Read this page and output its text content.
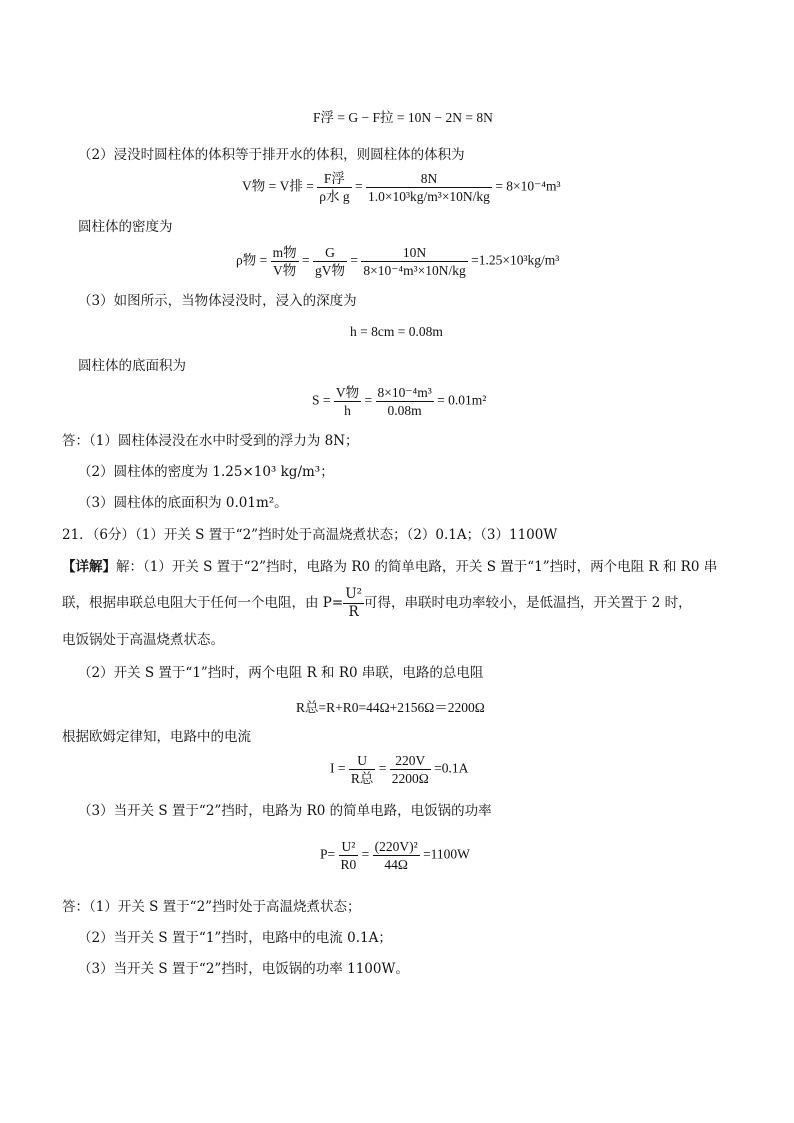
F浮 = G − F拉 = 10N − 2N = 8N
（2）浸没时圆柱体的体积等于排开水的体积，则圆柱体的体积为
V物 = V排 = $\frac{\text{F浮}}{\text{ρ水 g}} = \frac{8N}{\text{1.0×10³kg/m³×10N/kg}} = 8\times 10^{-4}m^3$
圆柱体的密度为
ρ物 = $\frac{\text{m物}}{\text{V物}} = \frac{G}{\text{gV物}} = \frac{10N}{\text{8×10⁻⁴m³×10N/kg}} =1.25\times 10^3kg/m^3$
（3）如图所示，当物体浸没时，浸入的深度为
h = 8cm = 0.08m
圆柱体的底面积为
$S = \frac{\text{V物}}{h} = \frac{\text{8×10⁻⁴m³}}{0.08m} = 0.01m^2$
答：（1）圆柱体浸没在水中时受到的浮力为 8N；
（2）圆柱体的密度为 1.25×10³ kg/m³；
（3）圆柱体的底面积为 0.01m²。
21．（6分）（1）开关 S 置于“2”挡时处于高温烧煮状态；（2）0.1A；（3）1100W
【详解】解：（1）开关 S 置于“2”挡时，电路为 R0 的简单电路，开关 S 置于“1”挡时，两个电阻 R 和 R0 串
联，根据串联总电阻大于任何一个电阻，由 $P= \frac{\text{U²}}{R}$ 可得，串联时电功率较小，是低温挡，开关置于 2 时，
电饭锅处于高温烧煮状态。
（2）开关 S 置于“1”挡时，两个电阻 R 和 R0 串联，电路的总电阻
R总=R+R0=44Ω+2156Ω＝2200Ω
根据欧姆定律知，电路中的电流
$I = \frac{U}{\text{R总}} = \frac{220V}{2200\Omega} =0.1A$
（3）当开关 S 置于“2”挡时，电路为 R0 的简单电路，电饭锅的功率
$P= \frac{\text{U²}}{R0} = \frac{\text{(220V)²}}{44\Omega} =1100W$
答：（1）开关 S 置于“2”挡时处于高温烧煮状态；
（2）当开关 S 置于“1”挡时，电路中的电流 0.1A；
（3）当开关 S 置于“2”挡时，电饭锅的功率 1100W。
